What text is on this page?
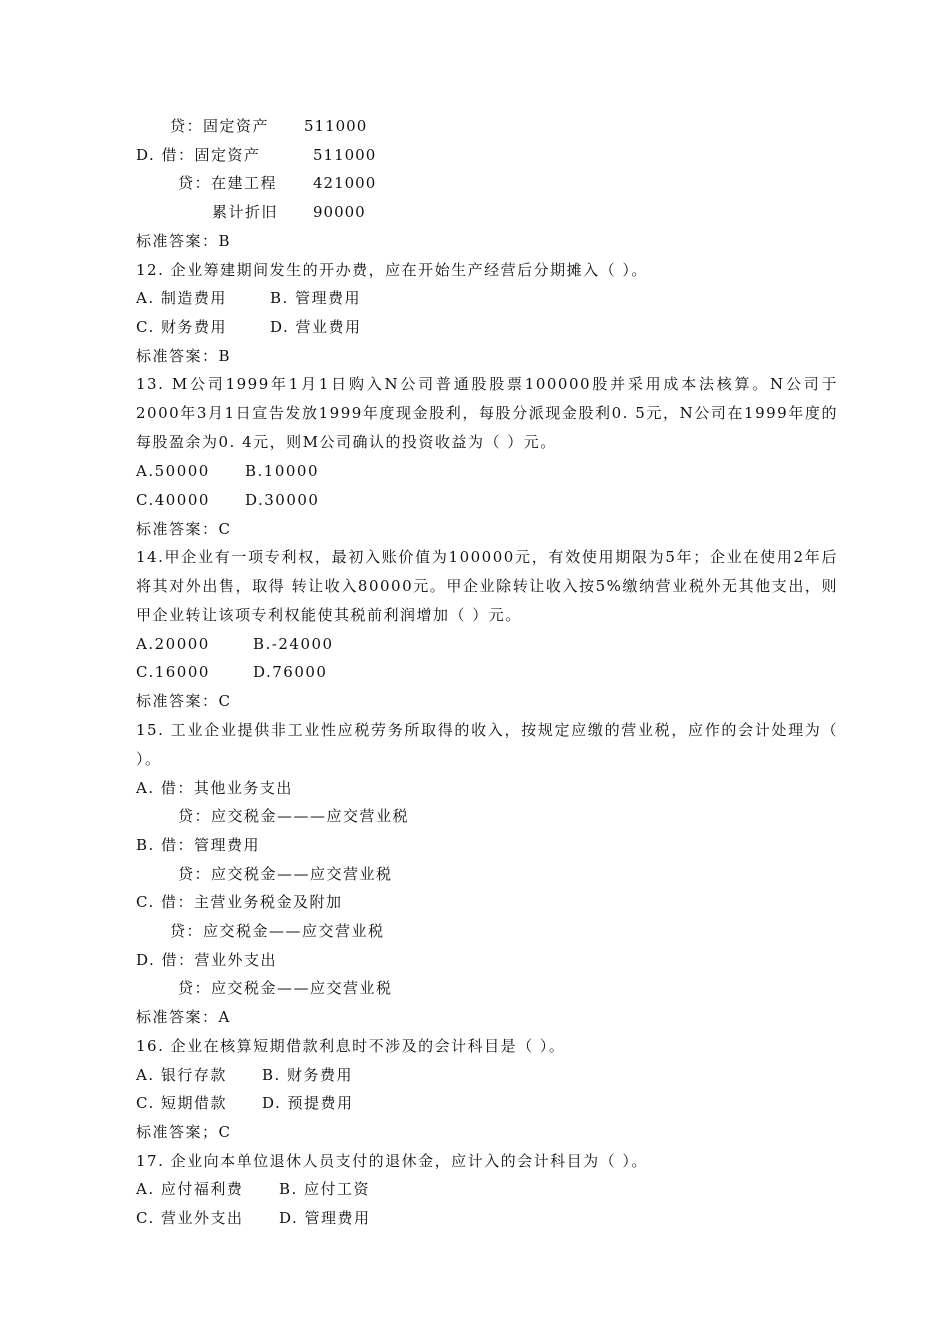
贷：固定资产 511000
D. 借：固定资产	511000
贷：在建工程 421000
累计折旧 90000
标准答案：B
12. 企业筹建期间发生的开办费，应在开始生产经营后分期摊入（ ）。
A. 制造费用	B. 管理费用
C. 财务费用	D. 营业费用
标准答案：B
13. M公司1999年1月1日购入N公司普通股股票100000股并采用成本法核算。N公司于2000年3月1日宣告发放1999年度现金股利，每股分派现金股利0. 5元，N公司在1999年度的每股盈余为0. 4元，则M公司确认的投资收益为（ ）元。
A.50000 B.10000
C.40000 D.30000
标准答案：C
14.甲企业有一项专利权，最初入账价值为100000元，有效使用期限为5年；企业在使用2年后将其对外出售，取得 转让收入80000元。甲企业除转让收入按5%缴纳营业税外无其他支出，则甲企业转让该项专利权能使其税前利润增加（ ）元。
A.20000	B.-24000
C.16000	D.76000
标准答案：C
15. 工业企业提供非工业性应税劳务所取得的收入，按规定应缴的营业税，应作的会计处理为（ ）。
A. 借：其他业务支出
贷：应交税金———应交营业税
B. 借：管理费用
贷：应交税金——应交营业税
C. 借：主营业务税金及附加
贷：应交税金——应交营业税
D. 借：营业外支出
贷：应交税金——应交营业税
标准答案：A
16. 企业在核算短期借款利息时不涉及的会计科目是（ ）。
A. 银行存款 B. 财务费用
C. 短期借款 D. 预提费用
标准答案；C
17. 企业向本单位退休人员支付的退休金，应计入的会计科目为（ ）。
A. 应付福利费 B. 应付工资
C. 营业外支出 D. 管理费用
